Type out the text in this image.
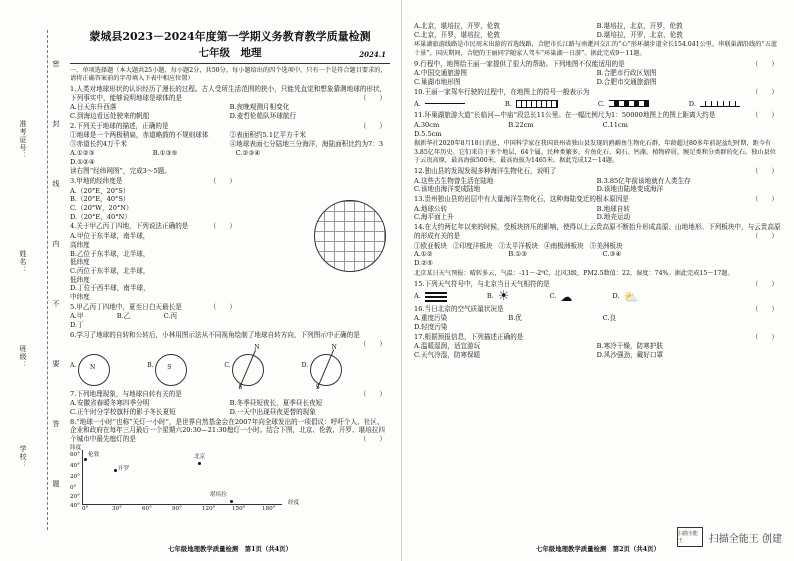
准考证号：
姓名：
班级：
学校：
密
封
线
内
不
要
答
题
蒙城县2023－2024年度第一学期义务教育教学质量检测
七年级　地理	2024.1
一、单项选择题（本大题共25小题，每小题2分，共50分。每小题给出的四个选项中，只有一个是符合题目要求的，请将正确答案前的字母填入下表中相应位置）
1.人类对地球形状的认识经历了漫长的过程。古人受所生活范围的狭小，只能凭直觉和想象猜测地球的形状，下列事实中，能够说明地球是球体的是	（　　）
A.日天东升西落	B.夜晚观测月相变化
C.到海边看远处驶来的帆船	D.麦哲伦船队环球航行
2.下列关于地球的描述，正确的是	（　　）
①地球是一个两极稍扁，赤道略鼓的不规则球体	②表面积约5.1亿平方千米
③赤道长约4万千米	④地球表面七分陆地三分海洋，海陆面积比约为7：3
A.①②③	B.①③⑤	C.②③④
D.①②④
读右图“经纬网图”，完成3～5题。
3.甲地的经纬度是	（　　）
A.（20°E，20°S）
B.（20°E，40°S）
C.（20°W，20°N）
D.（20°E，40°N）
4.关于甲乙丙丁四地，下列说法正确的是	（　　）
A.甲位于东半球，南半球，高纬度
B.乙位于东半球，北半球，低纬度
C.丙位于东半球，北半球，低纬度
D.丁位于西半球，南半球，中纬度
5.甲乙丙丁四地中，夏至日白天最长是	（　　）
A.甲	B.乙	C.丙
D.丁
6.学习了地球的自转和公转后，小林用图示法从不同视角绘制了地球自转方向，下列图示中正确的是
（　　）
A. N	B. S	C.
N
S
D.
N
S
7.下列地理现象，与地球自转有关的是	（　　）
A.安徽省春暖冬寒四季分明	B.冬季昼短夜长，夏季昼长夜短
C.正午时分学校旗杆的影子冬长夏短	D.一天中出现昼夜更替的现象
8.“地球一小时”也称“关灯一小时”，是世界自然基金会在2007年向全球发出的一项倡议：呼吁个人、社区、企业和政府在每年三月最后一个星期六20:30—21:30熄灯一小时。结合下图，北京、伦敦、开罗、堪培拉四个城市中最先熄灯的是	（　　）
纬度
60°
40°
20°
0°
20°
40° 0°	30°	60°	90°	120°	150°	180°
经度
伦敦
开罗
北京
堪培拉
七年级地理教学质量检测　第1页（共4页）
A.北京，堪培拉，开罗，伦敦	B.堪培拉，北京，开罗，伦敦
C.北京，开罗，堪培拉，伦敦	D.堪培拉，开罗，北京，伦敦
环巢湖旅游线路是市民周末出游的首选线路，合肥市长江路与南淝河交汇的“心”形环湖步道全长154.041公里，串联巢湖沿线的“五蓝十景”。国庆期间，合肥的王丽同学随家人驾车“环巢湖一日游”。据此完成9～11题。
9.行程中，地图给王丽一家提供了很大的帮助。下列地图不仅能适用的是	（　　）
A.中国交通旅游图	B.合肥市行政区划图
C.巢湖市地形图	D.合肥市交通旅游图
10.王丽一家驾车行驶的过程中，在地图上的符号一般表示为	（　　）
A.	B.	C.	D.
11.环巢湖旅游大道“长临河—中庙”段总长11公里。在一幅比例尺为1：50000地图上的图上距离大约是	（　　）
A.30cm	B.22cm	C.11cm
D.5.5cm
据新华社2020年8月18日消息，中国科学家在我国贵州省独山县发现的鸥鸸鱼生物化石群，年龄超过80多年前泥盆纪时期，距今有3.85亿年历史。它们来自于多个地层，64个属。民种类繁多，有鱼化石、菊石、钙藻、植物碎屑，腕足类和分类群的化石。独山县位于云贵高原，最高海拔500米，最高海拔为1465米。据此完成12～14题。
12.独山县的发现发现多种海洋生物化石，说明了	（　　）
A.这些古生物曾生活在陆地	B.3.85亿年前该地就有人类生存
C.该地由海洋变成陆地	D.该地由陆地变成海洋
13.贵州独山县的岩层中有大量海洋生物化石，这种海陆变迁的根本原因是	（　　）
A.地球公转	B.地球自转
C.海平面上升	D.地壳运动
14.在大约两亿年以来的时候，受板块挤压的影响，使得以上云贵高原不断抬升形成高原、山地地形。下列板块中，与云贵高原的形成有关的是	（　　）
①欧亚板块 ②印度洋板块 ③太平洋板块 ④南极洲板块 ⑤美洲板块
A.①②	B.①③	C.③④
D.②⑤
北京某日天气预报：晴转多云，气温：-11～-2℃，北风3级，PM2.5数值：22，湿度：74%。据此完成15～17题。
15.下列天气符号中，与北京当日天气相符的是	（　　）
A.	B. ☀	C. ☁	D. ⛅
16.当日北京的空气质量状况是	（　　）
A.重度污染	B.优	C.良
D.轻度污染
17.根据预报信息，下列描述正确的是	（　　）
A.温暖湿润，适宜游玩	B.寒冷干燥，防寒护肤
C.天气冷湿，防寒保暖	D.风沙强劲，戴好口罩
七年级地理教学质量检测　第2页（共4页）
扫描全能王	扫描全能王 创建
